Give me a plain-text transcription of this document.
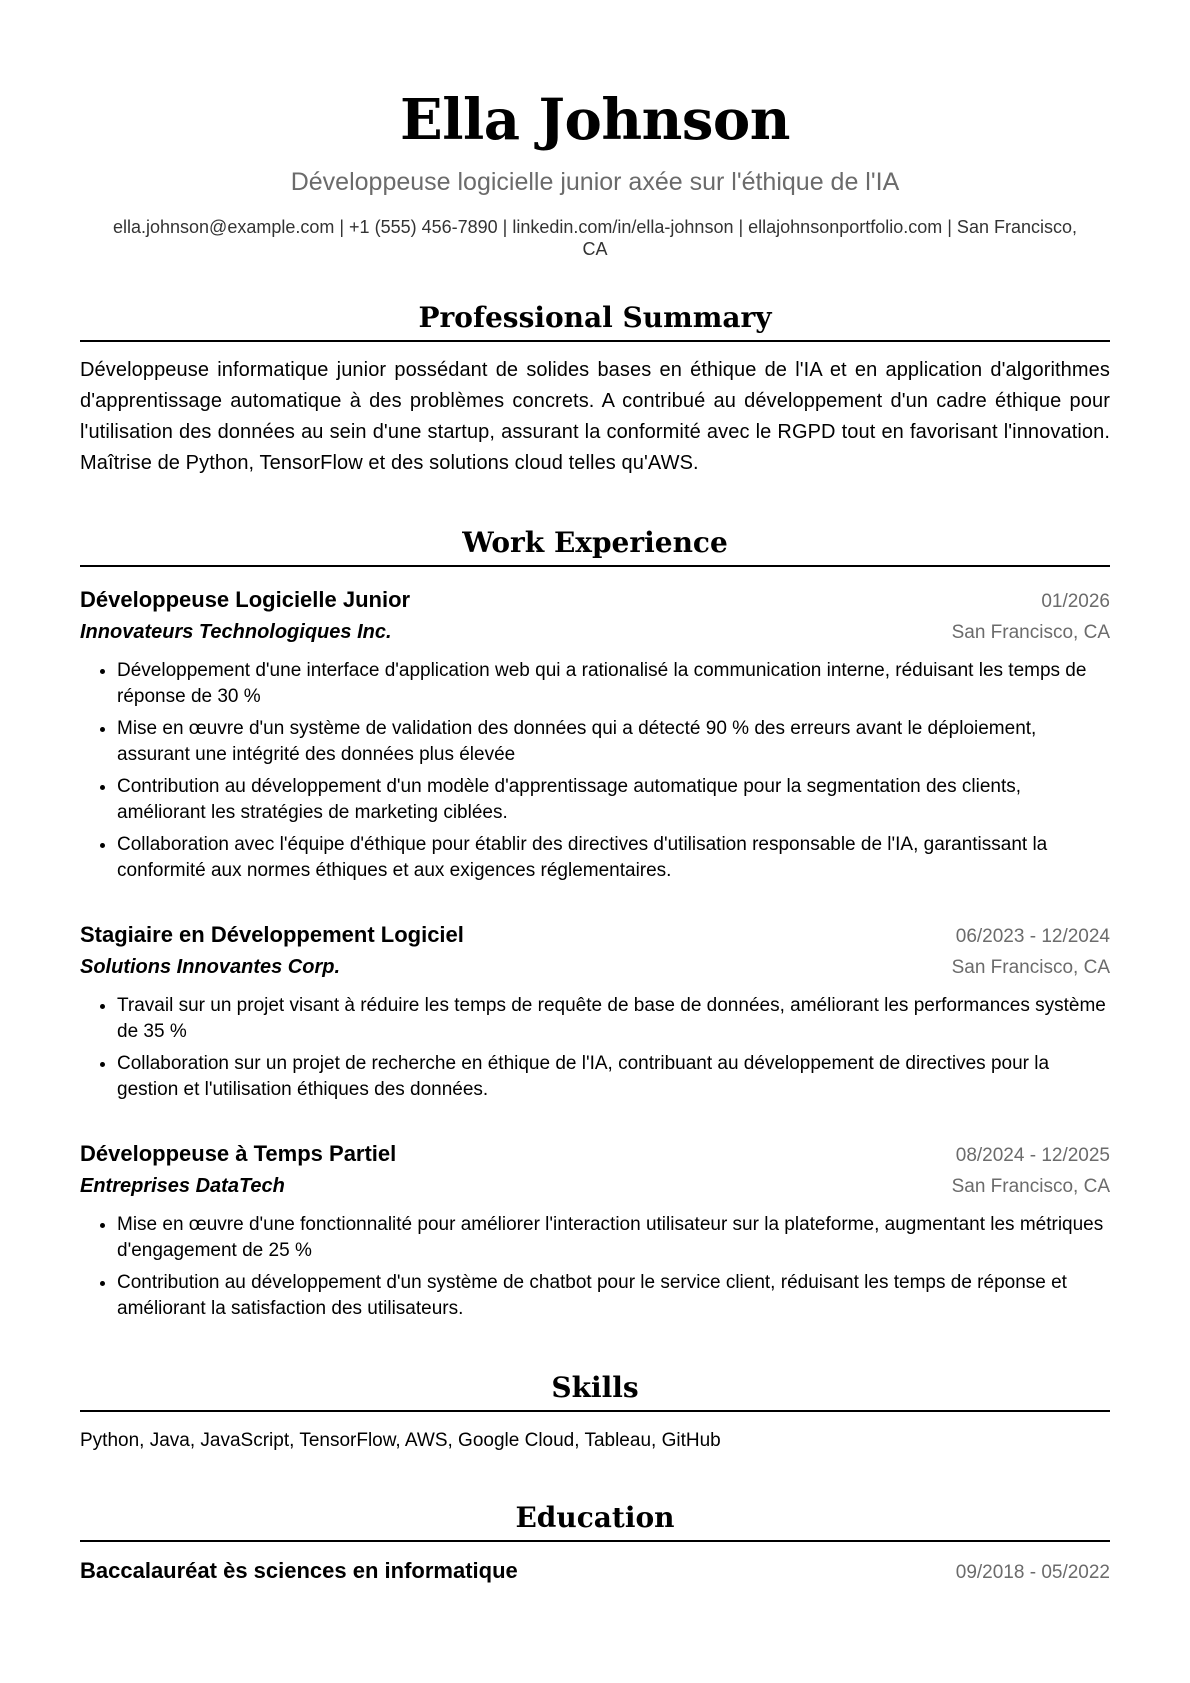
Ella Johnson
Développeuse logicielle junior axée sur l'éthique de l'IA
ella.johnson@example.com | +1 (555) 456-7890 | linkedin.com/in/ella-johnson | ellajohnsonportfolio.com | San Francisco, CA
Professional Summary

Développeuse informatique junior possédant de solides bases en éthique de l'IA et en application d'algorithmes d'apprentissage automatique à des problèmes concrets. A contribué au développement d'un cadre éthique pour l'utilisation des données au sein d'une startup, assurant la conformité avec le RGPD tout en favorisant l'innovation. Maîtrise de Python, TensorFlow et des solutions cloud telles qu'AWS.

Work Experience
Développeuse Logicielle Junior	01/2026
Innovateurs Technologiques Inc.	San Francisco, CA
• Développement d'une interface d'application web qui a rationalisé la communication interne, réduisant les temps de réponse de 30 %
• Mise en œuvre d'un système de validation des données qui a détecté 90 % des erreurs avant le déploiement, assurant une intégrité des données plus élevée
• Contribution au développement d'un modèle d'apprentissage automatique pour la segmentation des clients, améliorant les stratégies de marketing ciblées.
• Collaboration avec l'équipe d'éthique pour établir des directives d'utilisation responsable de l'IA, garantissant la conformité aux normes éthiques et aux exigences réglementaires.
Stagiaire en Développement Logiciel	06/2023 - 12/2024
Solutions Innovantes Corp.	San Francisco, CA
• Travail sur un projet visant à réduire les temps de requête de base de données, améliorant les performances système de 35 %
• Collaboration sur un projet de recherche en éthique de l'IA, contribuant au développement de directives pour la gestion et l'utilisation éthiques des données.
Développeuse à Temps Partiel	08/2024 - 12/2025
Entreprises DataTech	San Francisco, CA
• Mise en œuvre d'une fonctionnalité pour améliorer l'interaction utilisateur sur la plateforme, augmentant les métriques d'engagement de 25 %
• Contribution au développement d'un système de chatbot pour le service client, réduisant les temps de réponse et améliorant la satisfaction des utilisateurs.
Skills
Python, Java, JavaScript, TensorFlow, AWS, Google Cloud, Tableau, GitHub
Education
Baccalauréat ès sciences en informatique	09/2018 - 05/2022
